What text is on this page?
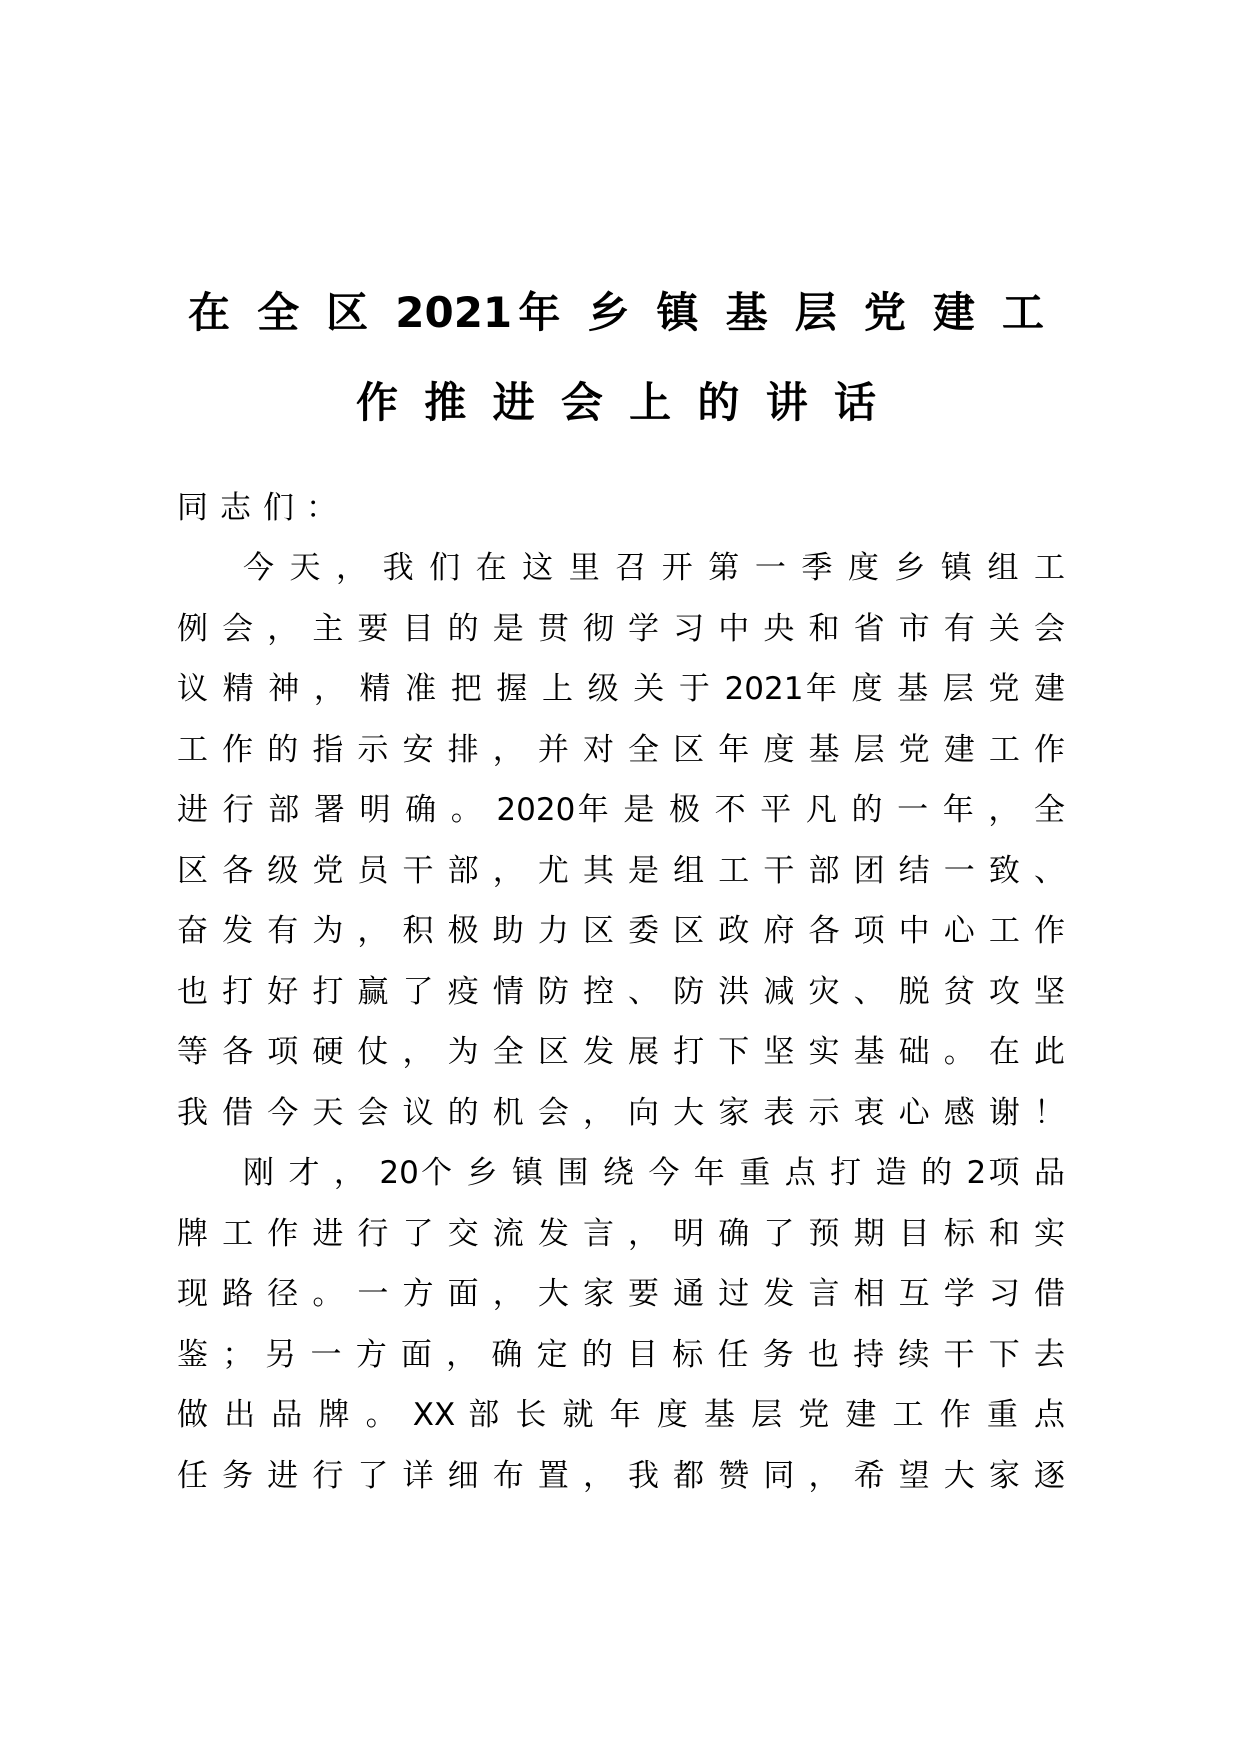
在 全 区 2021年 乡 镇 基 层 党 建 工
作 推 进 会 上 的 讲 话
同志们：
今 天 ， 我 们 在 这 里 召 开 第 一 季 度 乡 镇 组 工
例 会 ， 主 要 目 的 是 贯 彻 学 习 中 央 和 省 市 有 关 会
议 精 神 ， 精 准 把 握 上 级 关 于 2021年 度 基 层 党 建
工 作 的 指 示 安 排 ， 并 对 全 区 年 度 基 层 党 建 工 作
进 行 部 署 明 确 。 2020年 是 极 不 平 凡 的 一 年 ， 全
区 各 级 党 员 干 部 ， 尤 其 是 组 工 干 部 团 结 一 致 、
奋 发 有 为 ， 积 极 助 力 区 委 区 政 府 各 项 中 心 工 作
也 打 好 打 赢 了 疫 情 防 控 、 防 洪 减 灾 、 脱 贫 攻 坚
等 各 项 硬 仗 ， 为 全 区 发 展 打 下 坚 实 基 础 。 在 此
我 借 今 天 会 议 的 机 会 ， 向 大 家 表 示 衷 心 感 谢 ！
刚 才 ， 20个 乡 镇 围 绕 今 年 重 点 打 造 的 2项 品
牌 工 作 进 行 了 交 流 发 言 ， 明 确 了 预 期 目 标 和 实
现 路 径 。 一 方 面 ， 大 家 要 通 过 发 言 相 互 学 习 借
鉴 ； 另 一 方 面 ， 确 定 的 目 标 任 务 也 持 续 干 下 去
做 出 品 牌 。 XX 部 长 就 年 度 基 层 党 建 工 作 重 点
任 务 进 行 了 详 细 布 置 ， 我 都 赞 同 ， 希 望 大 家 逐
